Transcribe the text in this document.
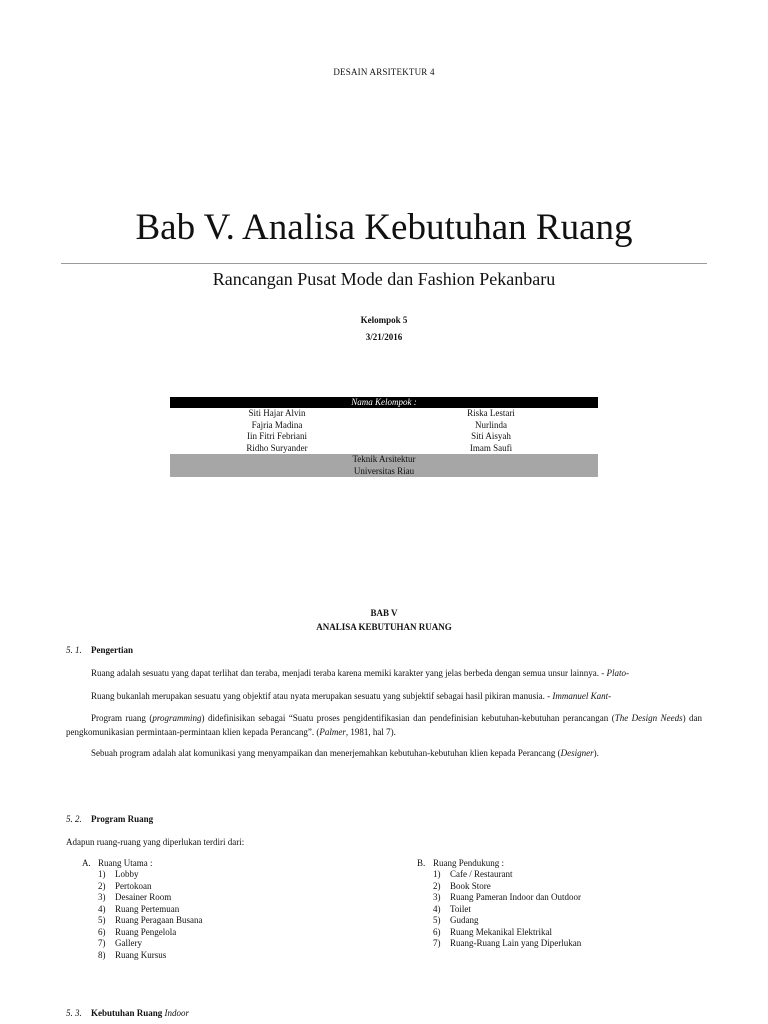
DESAIN ARSITEKTUR 4
Bab V. Analisa Kebutuhan Ruang
Rancangan Pusat Mode dan Fashion Pekanbaru
Kelompok 5
3/21/2016
Nama Kelompok :
Siti Hajar Alvin	Riska Lestari
Fajria Madina	Nurlinda
Iin Fitri Febriani	Siti Aisyah
Ridho Suryander	Imam Saufi
Teknik Arsitektur
Universitas Riau
BAB V
ANALISA KEBUTUHAN RUANG
5. 1. Pengertian
Ruang adalah sesuatu yang dapat terlihat dan teraba, menjadi teraba karena memiki karakter yang jelas berbeda dengan semua unsur lainnya. - Plato-
Ruang bukanlah merupakan sesuatu yang objektif atau nyata merupakan sesuatu yang subjektif sebagai hasil pikiran manusia. - Immanuel Kant-
Program ruang (programming) didefinisikan sebagai “Suatu proses pengidentifikasian dan pendefinisian kebutuhan-kebutuhan perancangan (The Design Needs) dan pengkomunikasian permintaan-permintaan klien kepada Perancang”. (Palmer, 1981, hal 7).
Sebuah program adalah alat komunikasi yang menyampaikan dan menerjemahkan kebutuhan-kebutuhan klien kepada Perancang (Designer).
5. 2. Program Ruang
Adapun ruang-ruang yang diperlukan terdiri dari:
A. Ruang Utama :
1) Lobby
2) Pertokoan
3) Desainer Room
4) Ruang Pertemuan
5) Ruang Peragaan Busana
6) Ruang Pengelola
7) Gallery
8) Ruang Kursus
B. Ruang Pendukung :
1) Cafe / Restaurant
2) Book Store
3) Ruang Pameran Indoor dan Outdoor
4) Toilet
5) Gudang
6) Ruang Mekanikal Elektrikal
7) Ruang-Ruang Lain yang Diperlukan
5. 3. Kebutuhan Ruang Indoor
